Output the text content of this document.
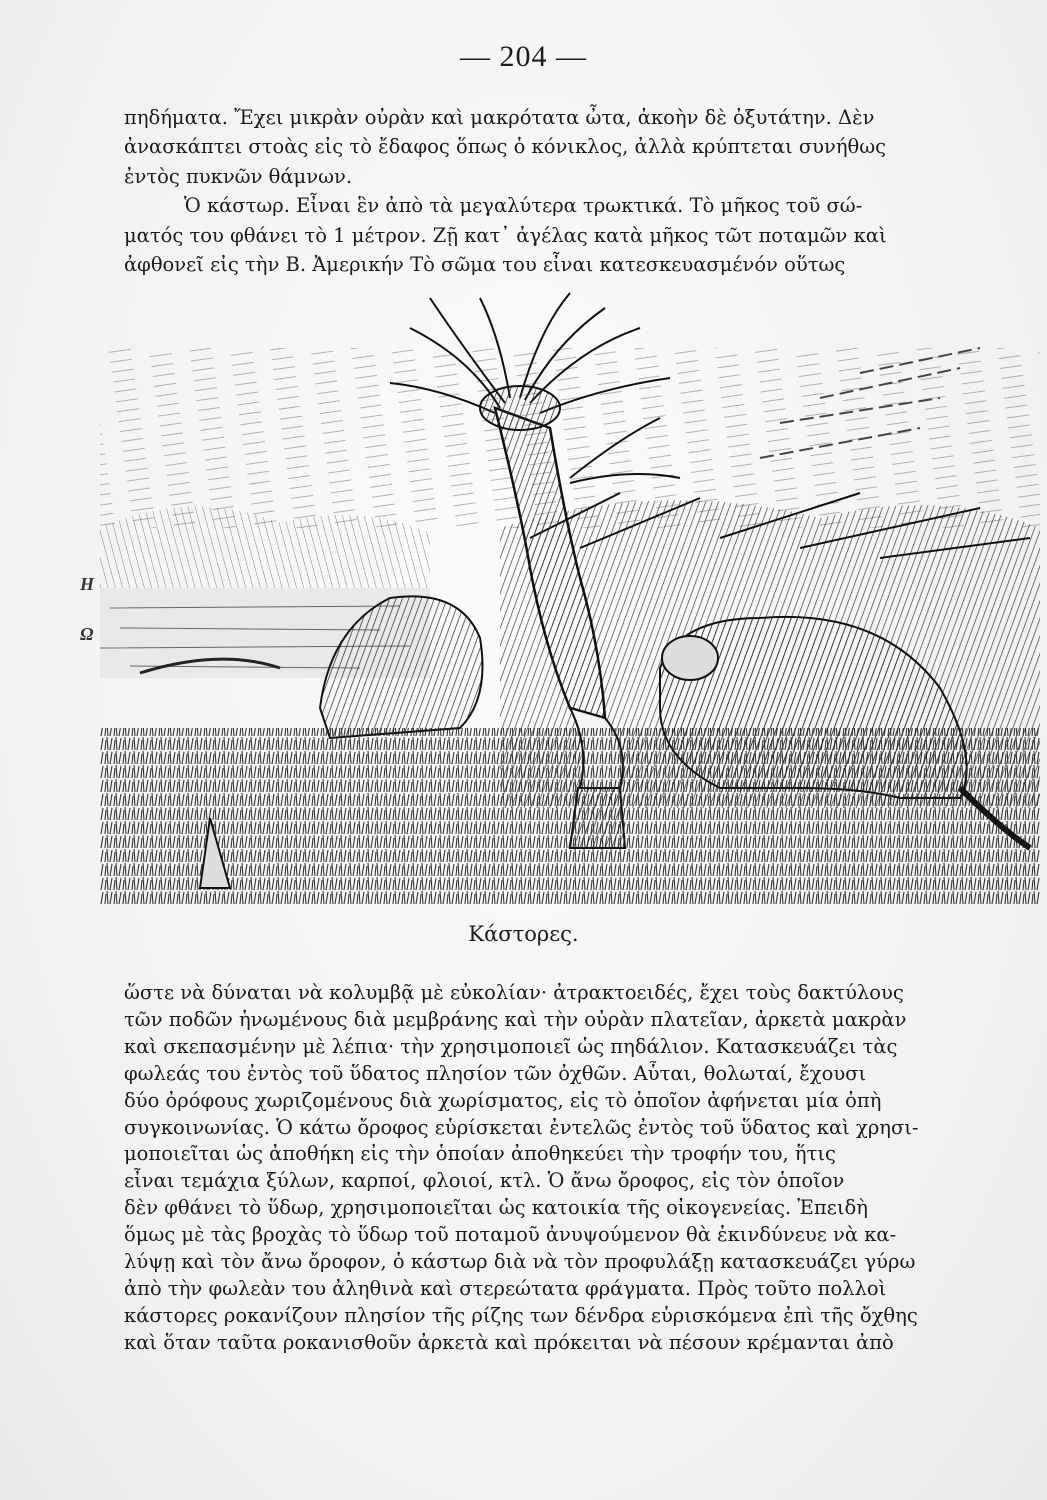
— 204 —
Η
Ω
πηδήματα. Ἔχει μικρὰν οὐρὰν καὶ μακρότατα ὦτα, ἀκοὴν δὲ ὀξυτάτην. Δὲν
ἀνασκάπτει στοὰς εἰς τὸ ἔδαφος ὅπως ὁ κόνικλος, ἀλλὰ κρύπτεται συνήθως
ἐντὸς πυκνῶν θάμνων.
Ὁ κάστωρ. Εἶναι ἓν ἀπὸ τὰ μεγαλύτερα τρωκτικά. Τὸ μῆκος τοῦ σώ-
ματός του φθάνει τὸ 1 μέτρον. Ζῇ κατ᾿ ἀγέλας κατὰ μῆκος τῶτ ποταμῶν καὶ
ἀφθονεῖ εἰς τὴν Β. Ἀμερικήν Τὸ σῶμα του εἶναι κατεσκευασμένόν οὕτως
Κάστορες.
ὥστε νὰ δύναται νὰ κολυμβᾷ μὲ εὐκολίαν· ἀτρακτοειδές, ἔχει τοὺς δακτύλους
τῶν ποδῶν ἡνωμένους διὰ μεμβράνης καὶ τὴν οὐρὰν πλατεῖαν, ἀρκετὰ μακρὰν
καὶ σκεπασμένην μὲ λέπια· τὴν χρησιμοποιεῖ ὡς πηδάλιον. Κατασκευάζει τὰς
φωλεάς του ἐντὸς τοῦ ὕδατος πλησίον τῶν ὀχθῶν. Αὗται, θολωταί, ἔχουσι
δύο ὀρόφους χωριζομένους διὰ χωρίσματος, εἰς τὸ ὁποῖον ἀφήνεται μία ὀπὴ
συγκοινωνίας. Ὁ κάτω ὄροφος εὑρίσκεται ἐντελῶς ἐντὸς τοῦ ὕδατος καὶ χρησι-
μοποιεῖται ὡς ἀποθήκη εἰς τὴν ὁποίαν ἀποθηκεύει τὴν τροφήν του, ἥτις
εἶναι τεμάχια ξύλων, καρποί, φλοιοί, κτλ. Ὁ ἄνω ὄροφος, εἰς τὸν ὁποῖον
δὲν φθάνει τὸ ὕδωρ, χρησιμοποιεῖται ὡς κατοικία τῆς οἰκογενείας. Ἐπειδὴ
ὅμως μὲ τὰς βροχὰς τὸ ὕδωρ τοῦ ποταμοῦ ἀνυψούμενον θὰ ἐκινδύνευε νὰ κα-
λύψῃ καὶ τὸν ἄνω ὄροφον, ὁ κάστωρ διὰ νὰ τὸν προφυλάξῃ κατασκευάζει γύρω
ἀπὸ τὴν φωλεὰν του ἀληθινὰ καὶ στερεώτατα φράγματα. Πρὸς τοῦτο πολλοὶ
κάστορες ροκανίζουν πλησίον τῆς ρίζης των δένδρα εὑρισκόμενα ἐπὶ τῆς ὄχθης
καὶ ὅταν ταῦτα ροκανισθοῦν ἀρκετὰ καὶ πρόκειται νὰ πέσουν κρέμανται ἀπὸ
